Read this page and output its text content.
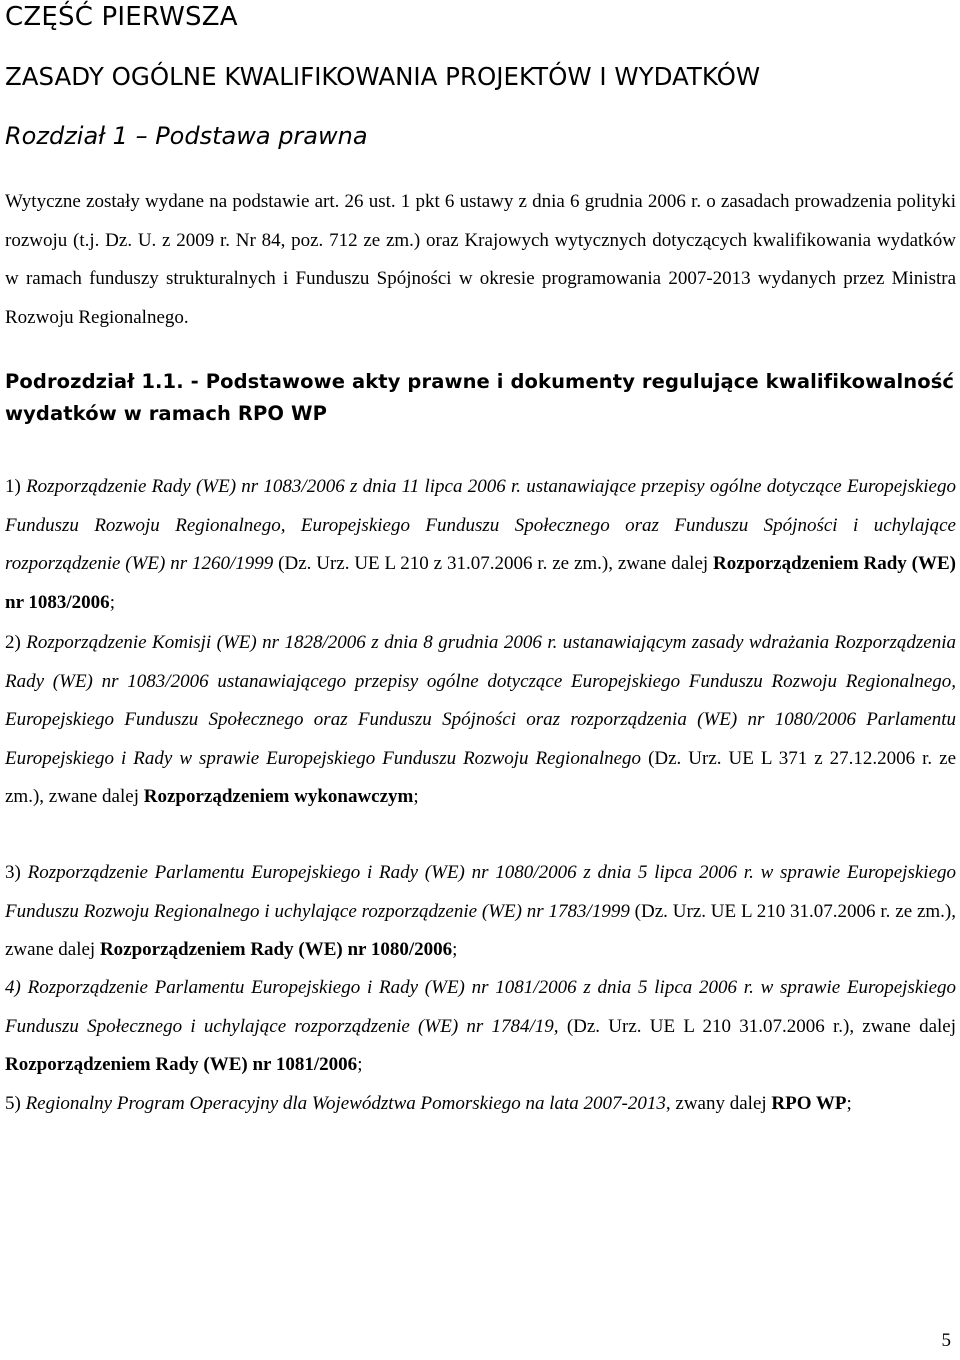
CZĘŚĆ PIERWSZA
ZASADY OGÓLNE KWALIFIKOWANIA PROJEKTÓW I WYDATKÓW
Rozdział 1 – Podstawa prawna

Wytyczne zostały wydane na podstawie art. 26 ust. 1 pkt 6 ustawy z dnia 6 grudnia 2006 r. o zasadach prowadzenia polityki rozwoju (t.j. Dz. U. z 2009 r. Nr 84, poz. 712 ze zm.) oraz Krajowych wytycznych dotyczących kwalifikowania wydatków w ramach funduszy strukturalnych i Funduszu Spójności w okresie programowania 2007-2013 wydanych przez Ministra Rozwoju Regionalnego.

Podrozdział 1.1. - Podstawowe akty prawne i dokumenty regulujące kwalifikowalność wydatków w ramach RPO WP

1) Rozporządzenie Rady (WE) nr 1083/2006 z dnia 11 lipca 2006 r. ustanawiające przepisy ogólne dotyczące Europejskiego Funduszu Rozwoju Regionalnego, Europejskiego Funduszu Społecznego oraz Funduszu Spójności i uchylające rozporządzenie (WE) nr 1260/1999 (Dz. Urz. UE L 210 z 31.07.2006 r. ze zm.), zwane dalej Rozporządzeniem Rady (WE) nr 1083/2006;

2) Rozporządzenie Komisji (WE) nr 1828/2006 z dnia 8 grudnia 2006 r. ustanawiającym zasady wdrażania Rozporządzenia Rady (WE) nr 1083/2006 ustanawiającego przepisy ogólne dotyczące Europejskiego Funduszu Rozwoju Regionalnego, Europejskiego Funduszu Społecznego oraz Funduszu Spójności oraz rozporządzenia (WE) nr 1080/2006 Parlamentu Europejskiego i Rady w sprawie Europejskiego Funduszu Rozwoju Regionalnego (Dz. Urz. UE L 371 z 27.12.2006 r. ze zm.), zwane dalej Rozporządzeniem wykonawczym;

3) Rozporządzenie Parlamentu Europejskiego i Rady (WE) nr 1080/2006 z dnia 5 lipca 2006 r. w sprawie Europejskiego Funduszu Rozwoju Regionalnego i uchylające rozporządzenie (WE) nr 1783/1999 (Dz. Urz. UE L 210 31.07.2006 r. ze zm.), zwane dalej Rozporządzeniem Rady (WE) nr 1080/2006;

4) Rozporządzenie Parlamentu Europejskiego i Rady (WE) nr 1081/2006 z dnia 5 lipca 2006 r. w sprawie Europejskiego Funduszu Społecznego i uchylające rozporządzenie (WE) nr 1784/19, (Dz. Urz. UE L 210 31.07.2006 r.), zwane dalej Rozporządzeniem Rady (WE) nr 1081/2006;

5) Regionalny Program Operacyjny dla Województwa Pomorskiego na lata 2007-2013, zwany dalej RPO WP;

5
